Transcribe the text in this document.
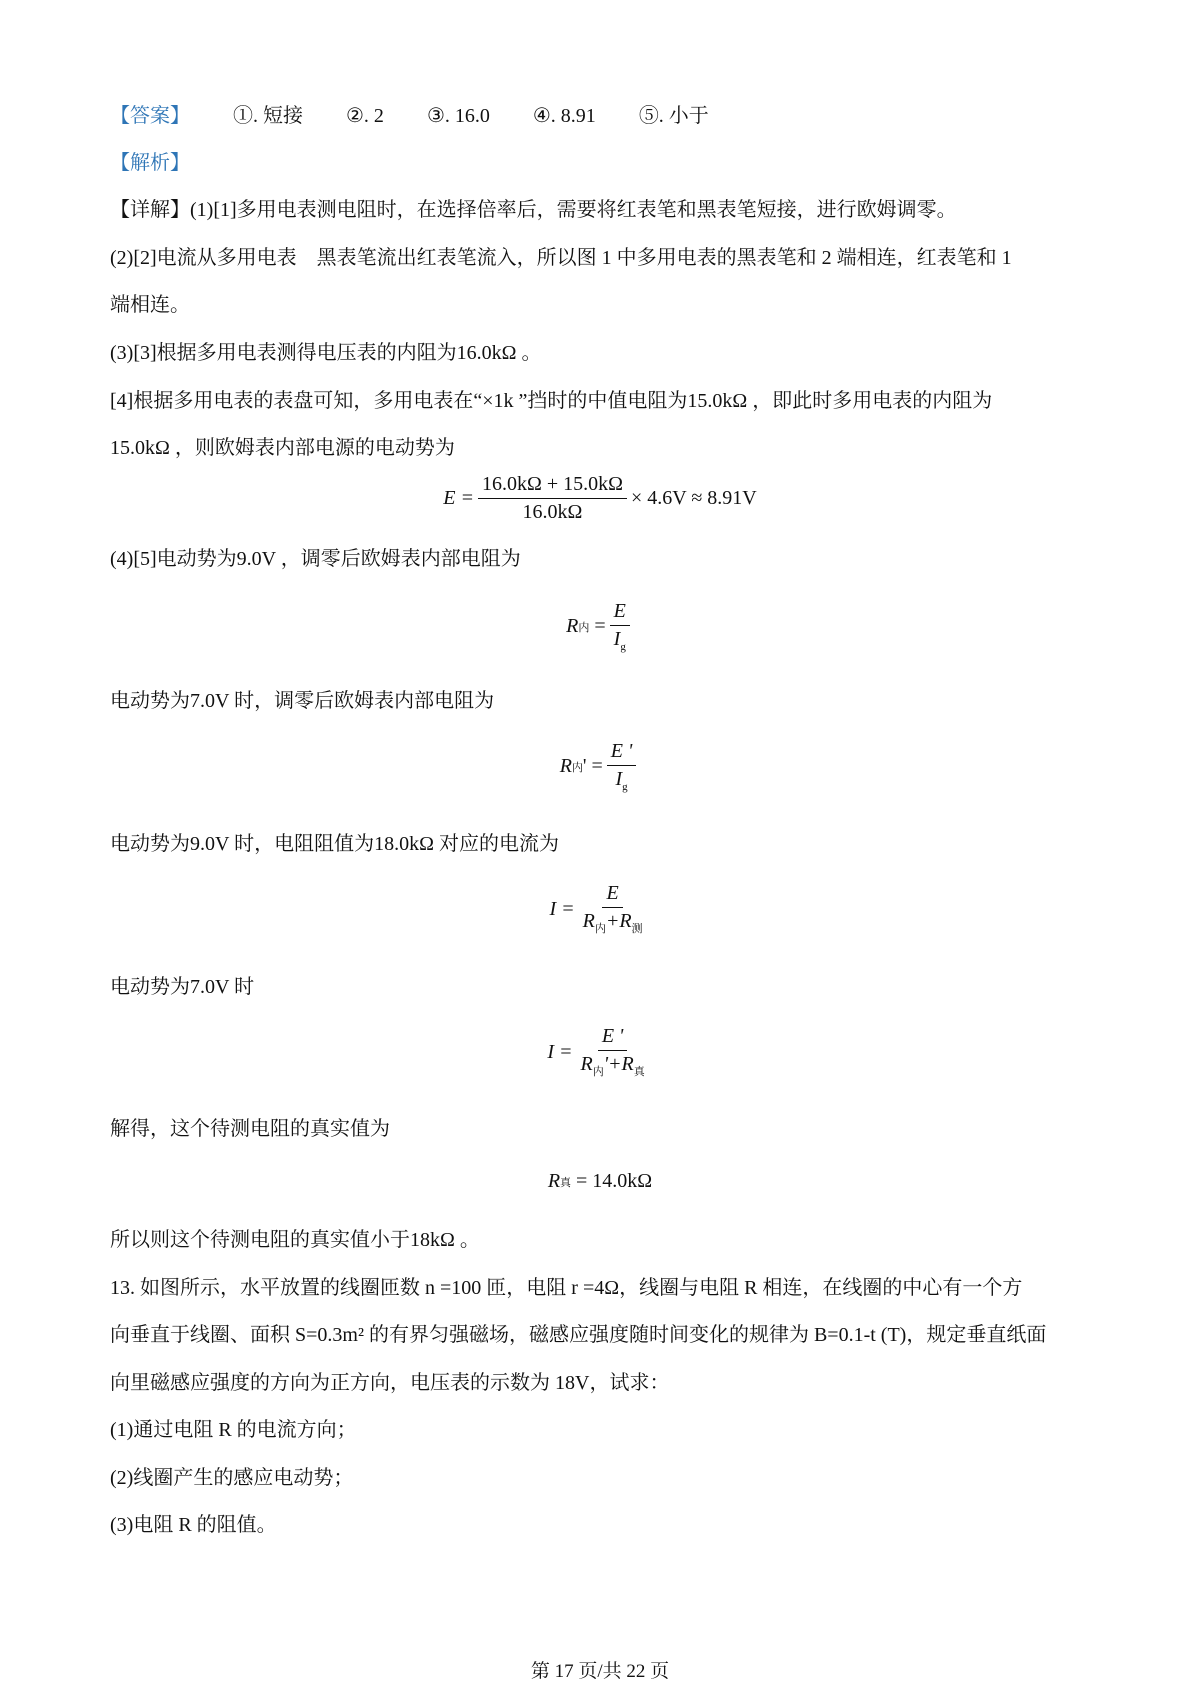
【答案】 ①. 短接 ②. 2 ③. 16.0 ④. 8.91 ⑤. 小于
【解析】
【详解】(1)[1]多用电表测电阻时，在选择倍率后，需要将红表笔和黑表笔短接，进行欧姆调零。
(2)[2]电流从多用电表　黑表笔流出红表笔流入，所以图 1 中多用电表的黑表笔和 2 端相连，红表笔和 1
端相连。
(3)[3]根据多用电表测得电压表的内阻为16.0kΩ 。
[4]根据多用电表的表盘可知，多用电表在“×1k ”挡时的中值电阻为15.0kΩ ，即此时多用电表的内阻为
15.0kΩ ，则欧姆表内部电源的电动势为
$E = \frac{16.0k\Omega + 15.0k\Omega}{16.0k\Omega} \times 4.6V \approx 8.91V$
(4)[5]电动势为9.0V ，调零后欧姆表内部电阻为
R 内
= $\frac{E}{I_g}$
电动势为7.0V 时，调零后欧姆表内部电阻为
R 内 ' = $\frac{E '}{I_g}$
电动势为9.0V 时，电阻阻值为18.0kΩ 对应的电流为
$I = \frac{E}{R_内+R_测}$
电动势为7.0V 时
$I = \frac{E '}{R_内'+R_真}$
解得，这个待测电阻的真实值为
R 真
= 14.0kΩ
所以则这个待测电阻的真实值小于18kΩ 。
13. 如图所示，水平放置的线圈匝数 n =100 匝，电阻 r =4Ω，线圈与电阻 R 相连，在线圈的中心有一个方
向垂直于线圈、面积 S=0.3m² 的有界匀强磁场，磁感应强度随时间变化的规律为 B=0.1-t (T)，规定垂直纸面
向里磁感应强度的方向为正方向，电压表的示数为 18V，试求：
(1)通过电阻 R 的电流方向；
(2)线圈产生的感应电动势；
(3)电阻 R 的阻值。
第 17 页/共 22 页
